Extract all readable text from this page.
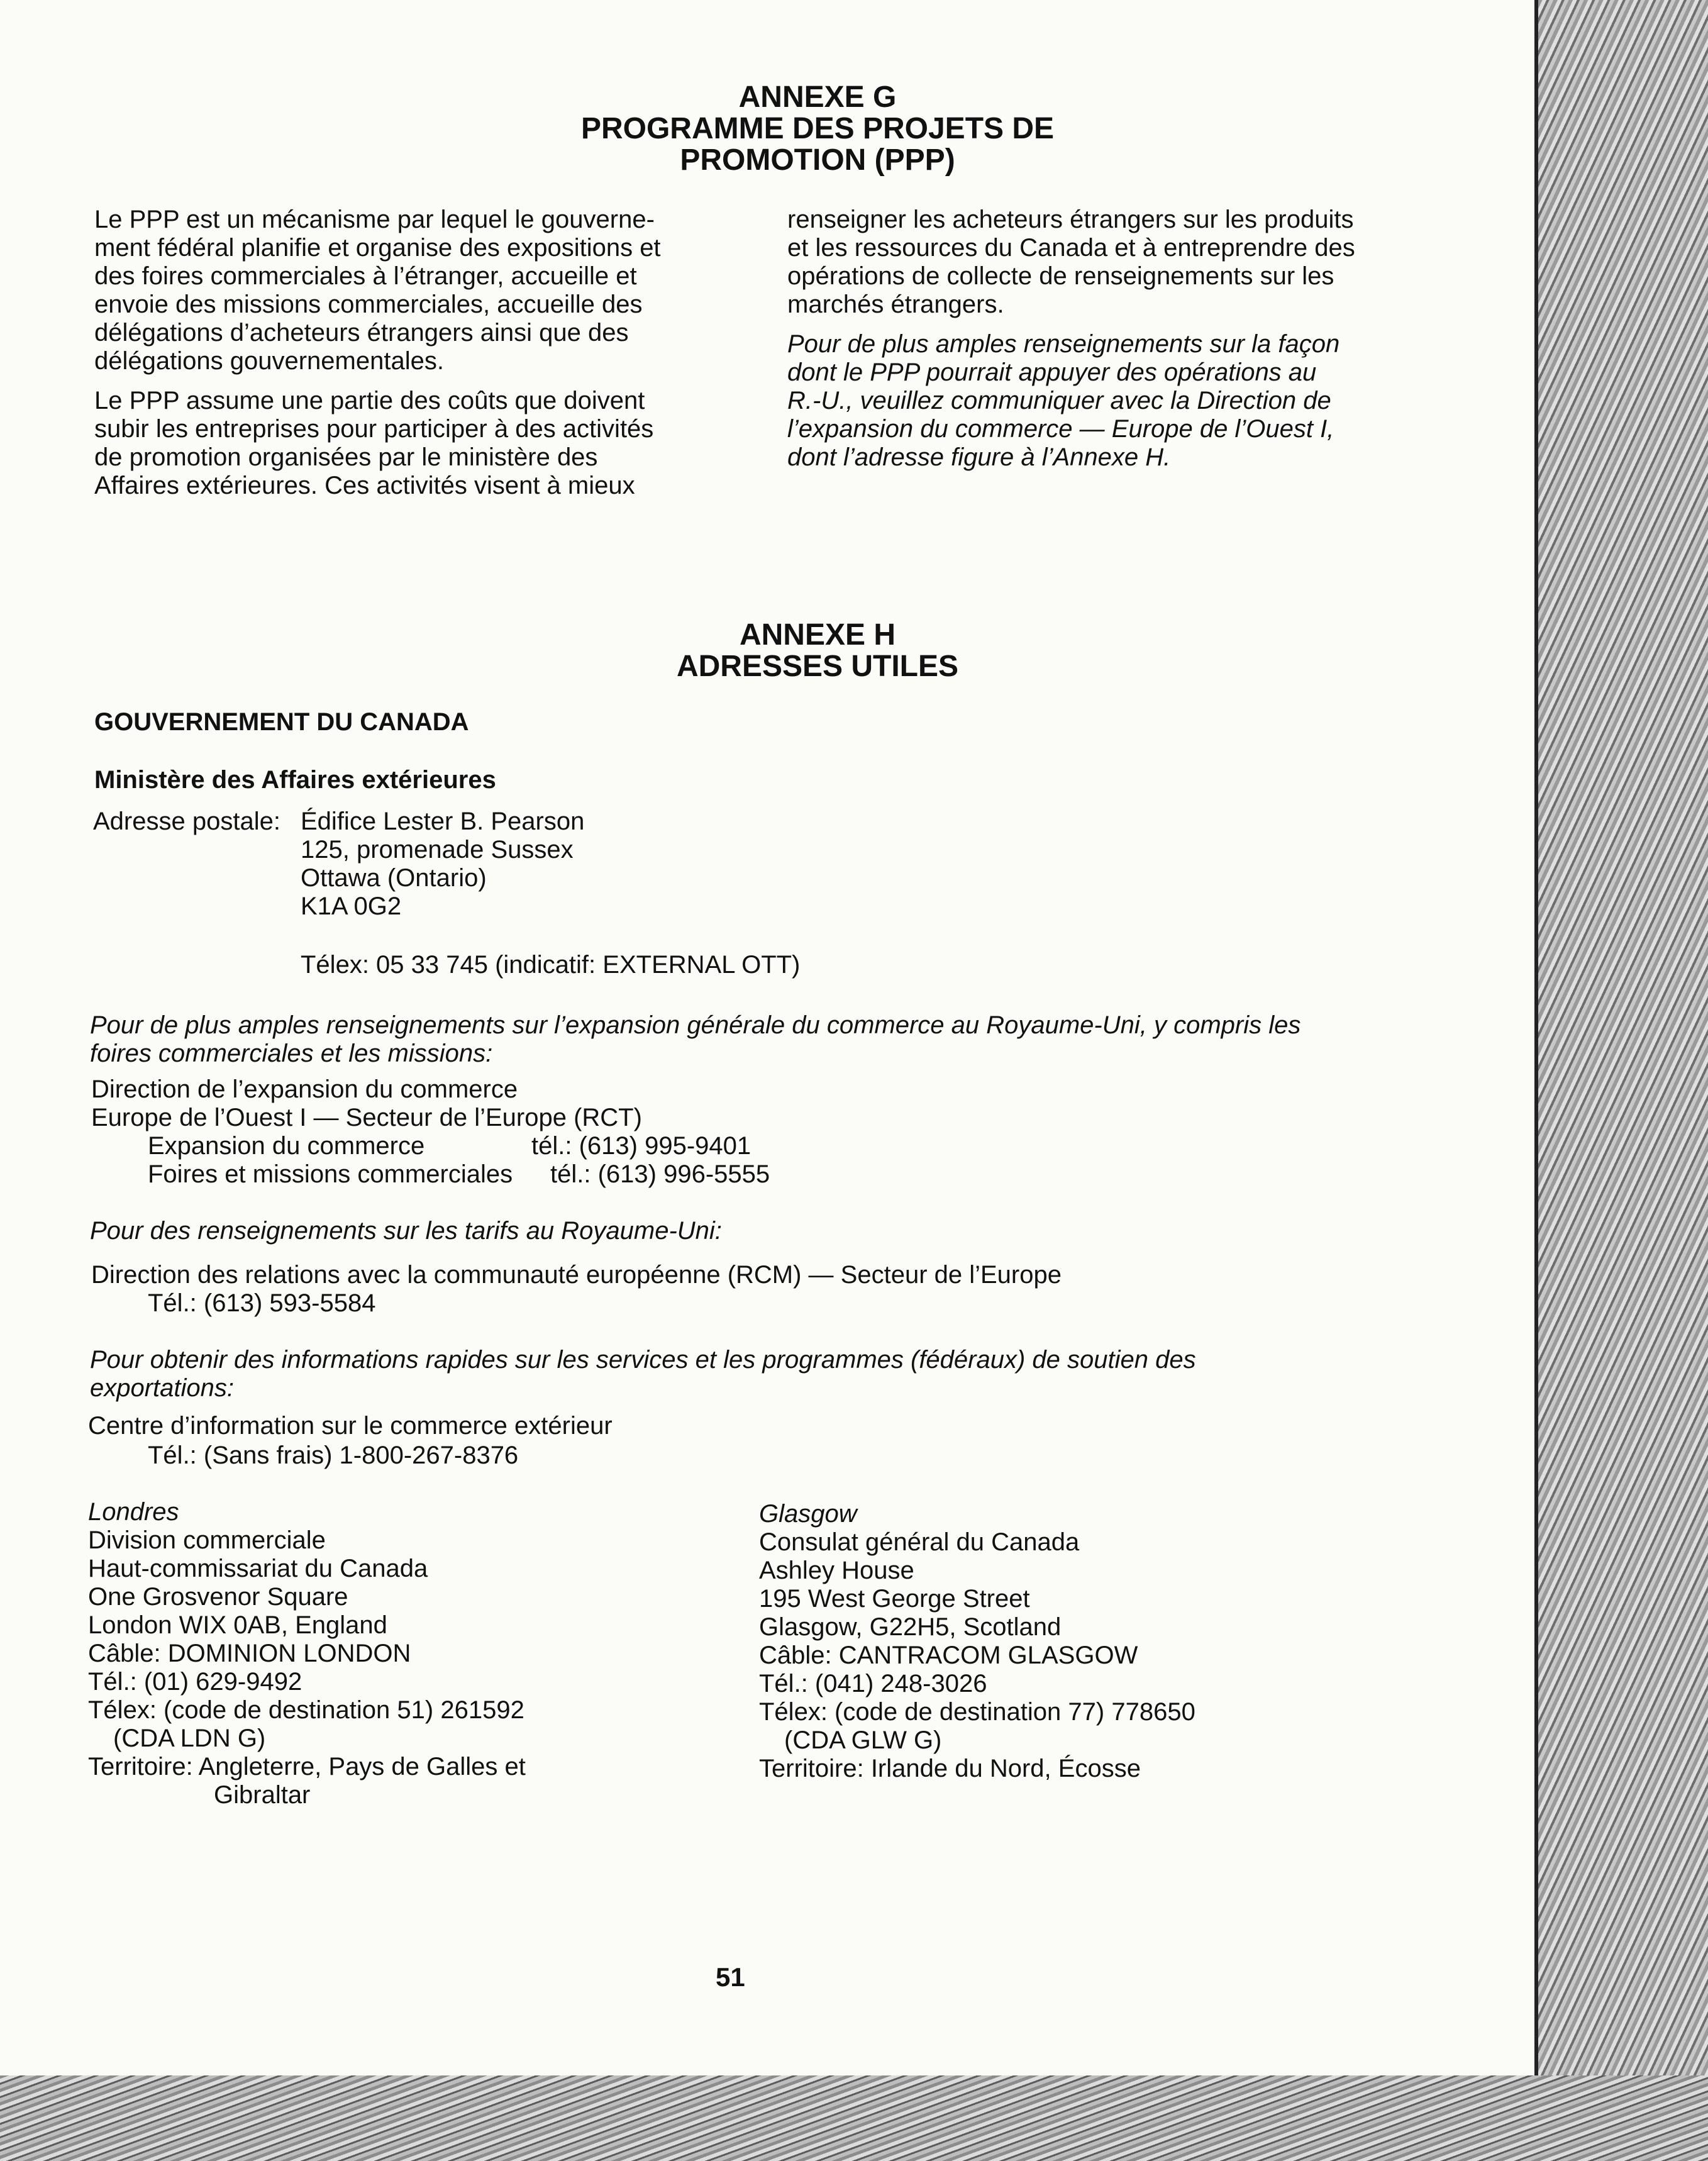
ANNEXE G
PROGRAMME DES PROJETS DE
PROMOTION (PPP)
Le PPP est un mécanisme par lequel le gouverne-
ment fédéral planifie et organise des expositions et
des foires commerciales à l’étranger, accueille et
envoie des missions commerciales, accueille des
délégations d’acheteurs étrangers ainsi que des
délégations gouvernementales.
Le PPP assume une partie des coûts que doivent
subir les entreprises pour participer à des activités
de promotion organisées par le ministère des
Affaires extérieures. Ces activités visent à mieux
renseigner les acheteurs étrangers sur les produits
et les ressources du Canada et à entreprendre des
opérations de collecte de renseignements sur les
marchés étrangers.
Pour de plus amples renseignements sur la façon
dont le PPP pourrait appuyer des opérations au
R.-U., veuillez communiquer avec la Direction de
l’expansion du commerce — Europe de l’Ouest I,
dont l’adresse figure à l’Annexe H.
ANNEXE H
ADRESSES UTILES
GOUVERNEMENT DU CANADA
Ministère des Affaires extérieures
Adresse postale: Édifice Lester B. Pearson
125, promenade Sussex
Ottawa (Ontario)
K1A 0G2
Télex: 05 33 745 (indicatif: EXTERNAL OTT)
Pour de plus amples renseignements sur l’expansion générale du commerce au Royaume-Uni, y compris les
foires commerciales et les missions:
Direction de l’expansion du commerce
Europe de l’Ouest I — Secteur de l’Europe (RCT)
Expansion du commerce	tél.: (613) 995-9401
Foires et missions commerciales tél.: (613) 996-5555
Pour des renseignements sur les tarifs au Royaume-Uni:
Direction des relations avec la communauté européenne (RCM) — Secteur de l’Europe
Tél.: (613) 593-5584
Pour obtenir des informations rapides sur les services et les programmes (fédéraux) de soutien des
exportations:
Centre d’information sur le commerce extérieur
Tél.: (Sans frais) 1-800-267-8376
Londres
Division commerciale
Haut-commissariat du Canada
One Grosvenor Square
London WIX 0AB, England
Câble: DOMINION LONDON
Tél.: (01) 629-9492
Télex: (code de destination 51) 261592
(CDA LDN G)
Territoire: Angleterre, Pays de Galles et
Gibraltar
Glasgow
Consulat général du Canada
Ashley House
195 West George Street
Glasgow, G22H5, Scotland
Câble: CANTRACOM GLASGOW
Tél.: (041) 248-3026
Télex: (code de destination 77) 778650
(CDA GLW G)
Territoire: Irlande du Nord, Écosse
51
